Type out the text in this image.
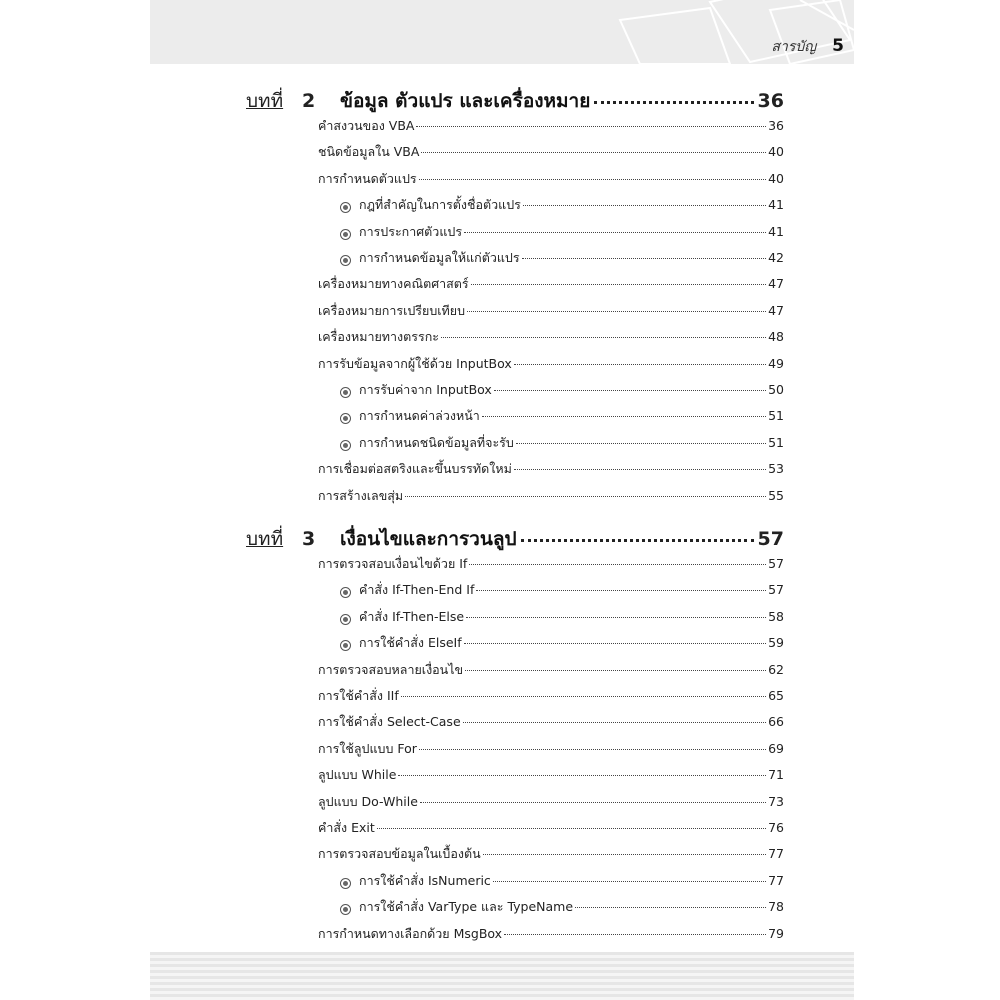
สารบัญ 5
บทที่ 2	ข้อมูล ตัวแปร และเครื่องหมาย	36
คำสงวนของ VBA	36
ชนิดข้อมูลใน VBA	40
การกำหนดตัวแปร	40
กฎที่สำคัญในการตั้งชื่อตัวแปร	41
การประกาศตัวแปร	41
การกำหนดข้อมูลให้แก่ตัวแปร	42
เครื่องหมายทางคณิตศาสตร์	47
เครื่องหมายการเปรียบเทียบ	47
เครื่องหมายทางตรรกะ	48
การรับข้อมูลจากผู้ใช้ด้วย InputBox	49
การรับค่าจาก InputBox	50
การกำหนดค่าล่วงหน้า	51
การกำหนดชนิดข้อมูลที่จะรับ	51
การเชื่อมต่อสตริงและขึ้นบรรทัดใหม่	53
การสร้างเลขสุ่ม	55
บทที่ 3	เงื่อนไขและการวนลูป	57
การตรวจสอบเงื่อนไขด้วย If	57
คำสั่ง If-Then-End If	57
คำสั่ง If-Then-Else	58
การใช้คำสั่ง ElseIf	59
การตรวจสอบหลายเงื่อนไข	62
การใช้คำสั่ง IIf	65
การใช้คำสั่ง Select-Case	66
การใช้ลูปแบบ For	69
ลูปแบบ While	71
ลูปแบบ Do-While	73
คำสั่ง Exit	76
การตรวจสอบข้อมูลในเบื้องต้น	77
การใช้คำสั่ง IsNumeric	77
การใช้คำสั่ง VarType และ TypeName	78
การกำหนดทางเลือกด้วย MsgBox	79
